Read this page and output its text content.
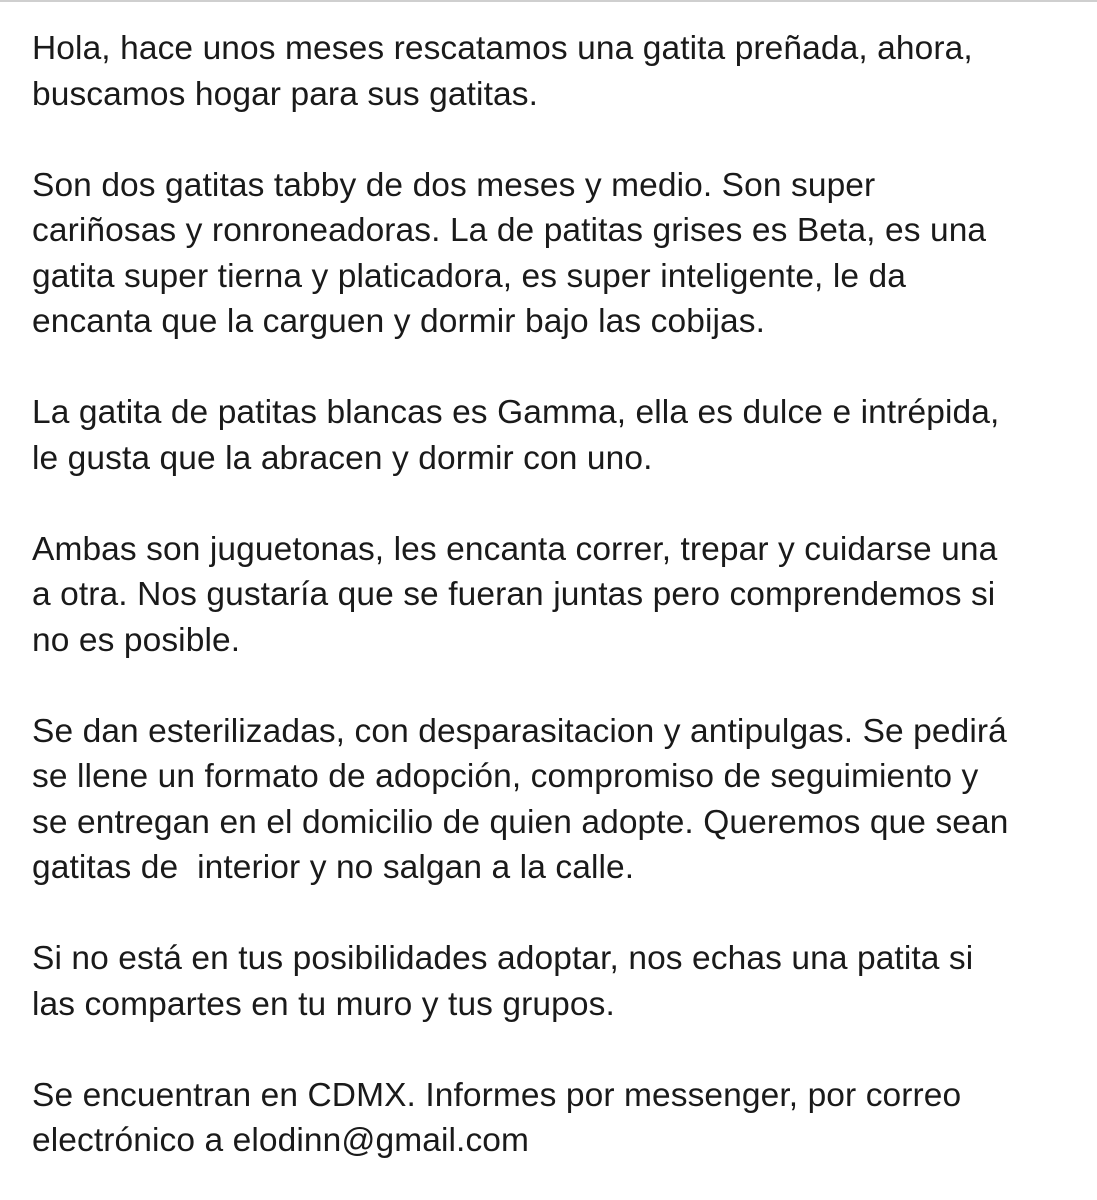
Hola, hace unos meses rescatamos una gatita preñada, ahora,
buscamos hogar para sus gatitas.

Son dos gatitas tabby de dos meses y medio. Son super
cariñosas y ronroneadoras. La de patitas grises es Beta, es una
gatita super tierna y platicadora, es super inteligente, le da
encanta que la carguen y dormir bajo las cobijas.

La gatita de patitas blancas es Gamma, ella es dulce e intrépida,
le gusta que la abracen y dormir con uno.

Ambas son juguetonas, les encanta correr, trepar y cuidarse una
a otra. Nos gustaría que se fueran juntas pero comprendemos si
no es posible.

Se dan esterilizadas, con desparasitacion y antipulgas. Se pedirá
se llene un formato de adopción, compromiso de seguimiento y
se entregan en el domicilio de quien adopte. Queremos que sean
gatitas de  interior y no salgan a la calle.

Si no está en tus posibilidades adoptar, nos echas una patita si
las compartes en tu muro y tus grupos.

Se encuentran en CDMX. Informes por messenger, por correo
electrónico a elodinn@gmail.com
